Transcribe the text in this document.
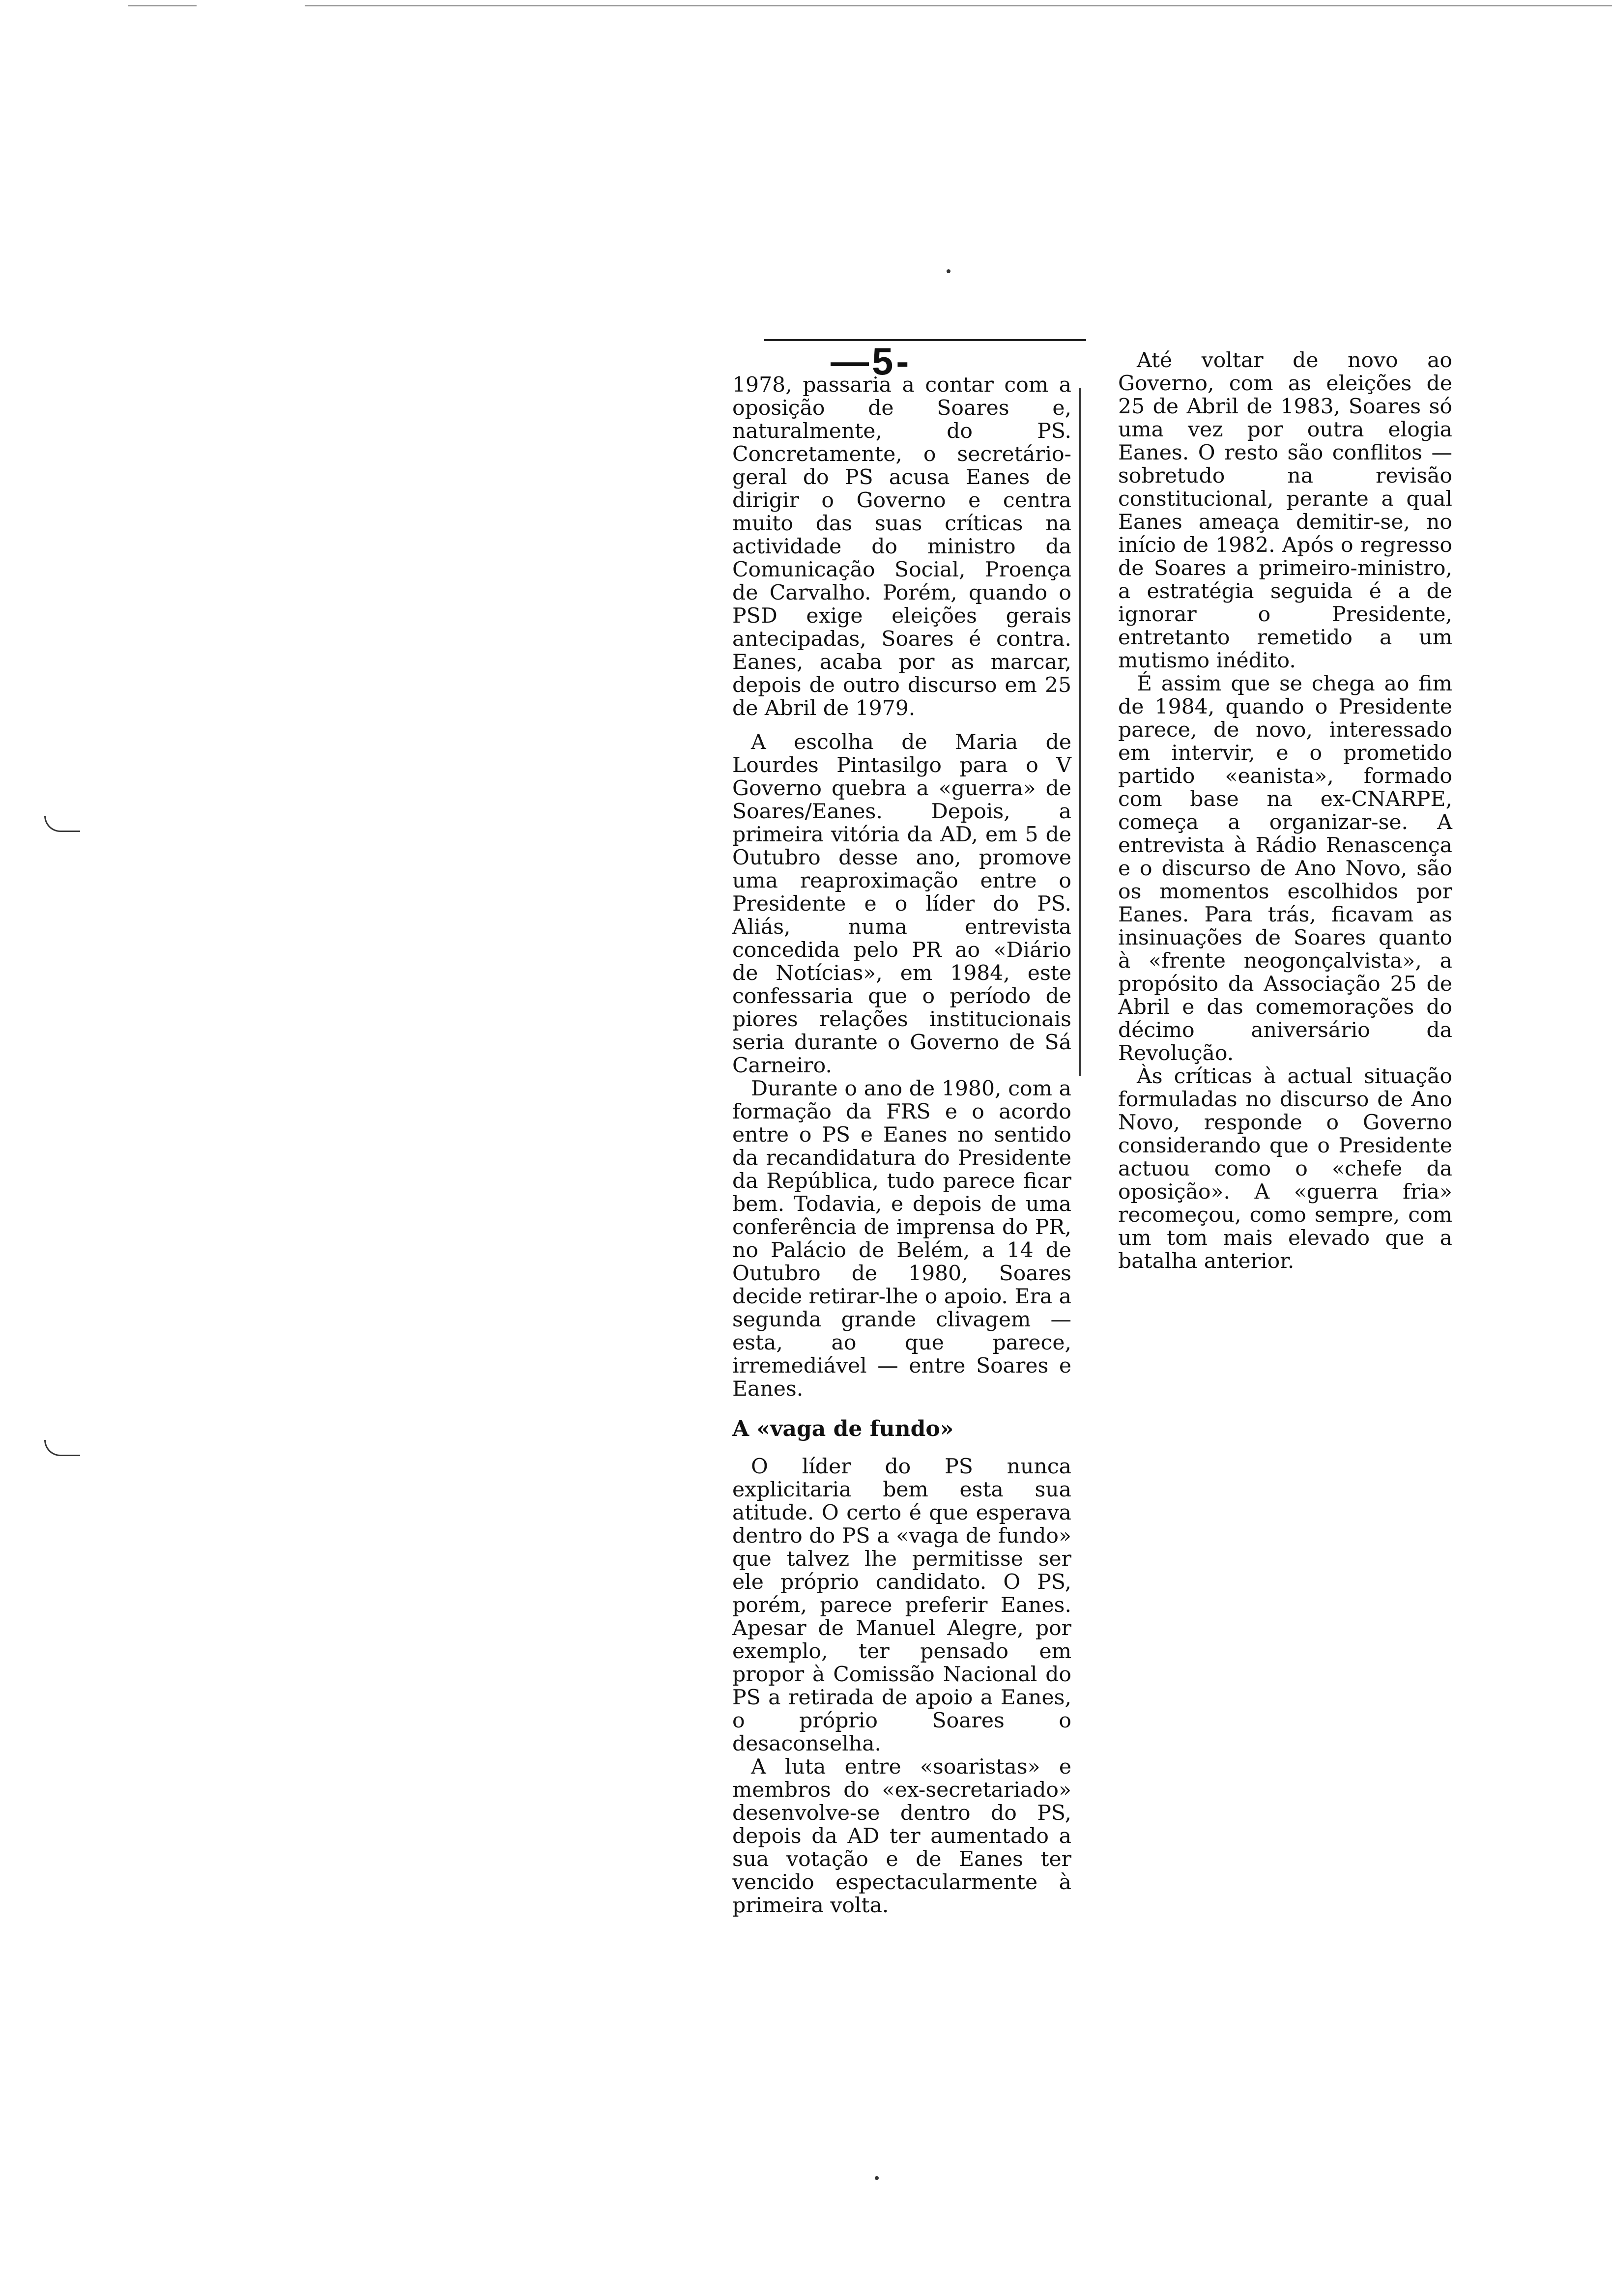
—5-

1978, passaria a contar com a oposição de Soares e, naturalmente, do PS. Concretamente, o secretário-geral do PS acusa Eanes de dirigir o Governo e centra muito das suas críticas na actividade do ministro da Comunicação Social, Proença de Carvalho. Porém, quando o PSD exige eleições gerais antecipadas, Soares é contra. Eanes, acaba por as marcar, depois de outro discurso em 25 de Abril de 1979.

A escolha de Maria de Lourdes Pintasilgo para o V Governo quebra a «guerra» de Soares/Eanes. Depois, a primeira vitória da AD, em 5 de Outubro desse ano, promove uma reaproximação entre o Presidente e o líder do PS. Aliás, numa entrevista concedida pelo PR ao «Diário de Notícias», em 1984, este confessaria que o período de piores relações institucionais seria durante o Governo de Sá Carneiro.

Durante o ano de 1980, com a formação da FRS e o acordo entre o PS e Eanes no sentido da recandidatura do Presidente da República, tudo parece ficar bem. Todavia, e depois de uma conferência de imprensa do PR, no Palácio de Belém, a 14 de Outubro de 1980, Soares decide retirar-lhe o apoio. Era a segunda grande clivagem — esta, ao que parece, irremediável — entre Soares e Eanes.

A «vaga de fundo»

O líder do PS nunca explicitaria bem esta sua atitude. O certo é que esperava dentro do PS a «vaga de fundo» que talvez lhe permitisse ser ele próprio candidato. O PS, porém, parece preferir Eanes. Apesar de Manuel Alegre, por exemplo, ter pensado em propor à Comissão Nacional do PS a retirada de apoio a Eanes, o próprio Soares o desaconselha.

A luta entre «soaristas» e membros do «ex-secretariado» desenvolve-se dentro do PS, depois da AD ter aumentado a sua votação e de Eanes ter vencido espectacularmente à primeira volta.

Até voltar de novo ao Governo, com as eleições de 25 de Abril de 1983, Soares só uma vez por outra elogia Eanes. O resto são conflitos — sobretudo na revisão constitucional, perante a qual Eanes ameaça demitir-se, no início de 1982. Após o regresso de Soares a primeiro-ministro, a estratégia seguida é a de ignorar o Presidente, entretanto remetido a um mutismo inédito.

É assim que se chega ao fim de 1984, quando o Presidente parece, de novo, interessado em intervir, e o prometido partido «eanista», formado com base na ex-CNARPE, começa a organizar-se. A entrevista à Rádio Renascença e o discurso de Ano Novo, são os momentos escolhidos por Eanes. Para trás, ficavam as insinuações de Soares quanto à «frente neogonçalvista», a propósito da Associação 25 de Abril e das comemorações do décimo aniversário da Revolução.

Às críticas à actual situação formuladas no discurso de Ano Novo, responde o Governo considerando que o Presidente actuou como o «chefe da oposição». A «guerra fria» recomeçou, como sempre, com um tom mais elevado que a batalha anterior.
